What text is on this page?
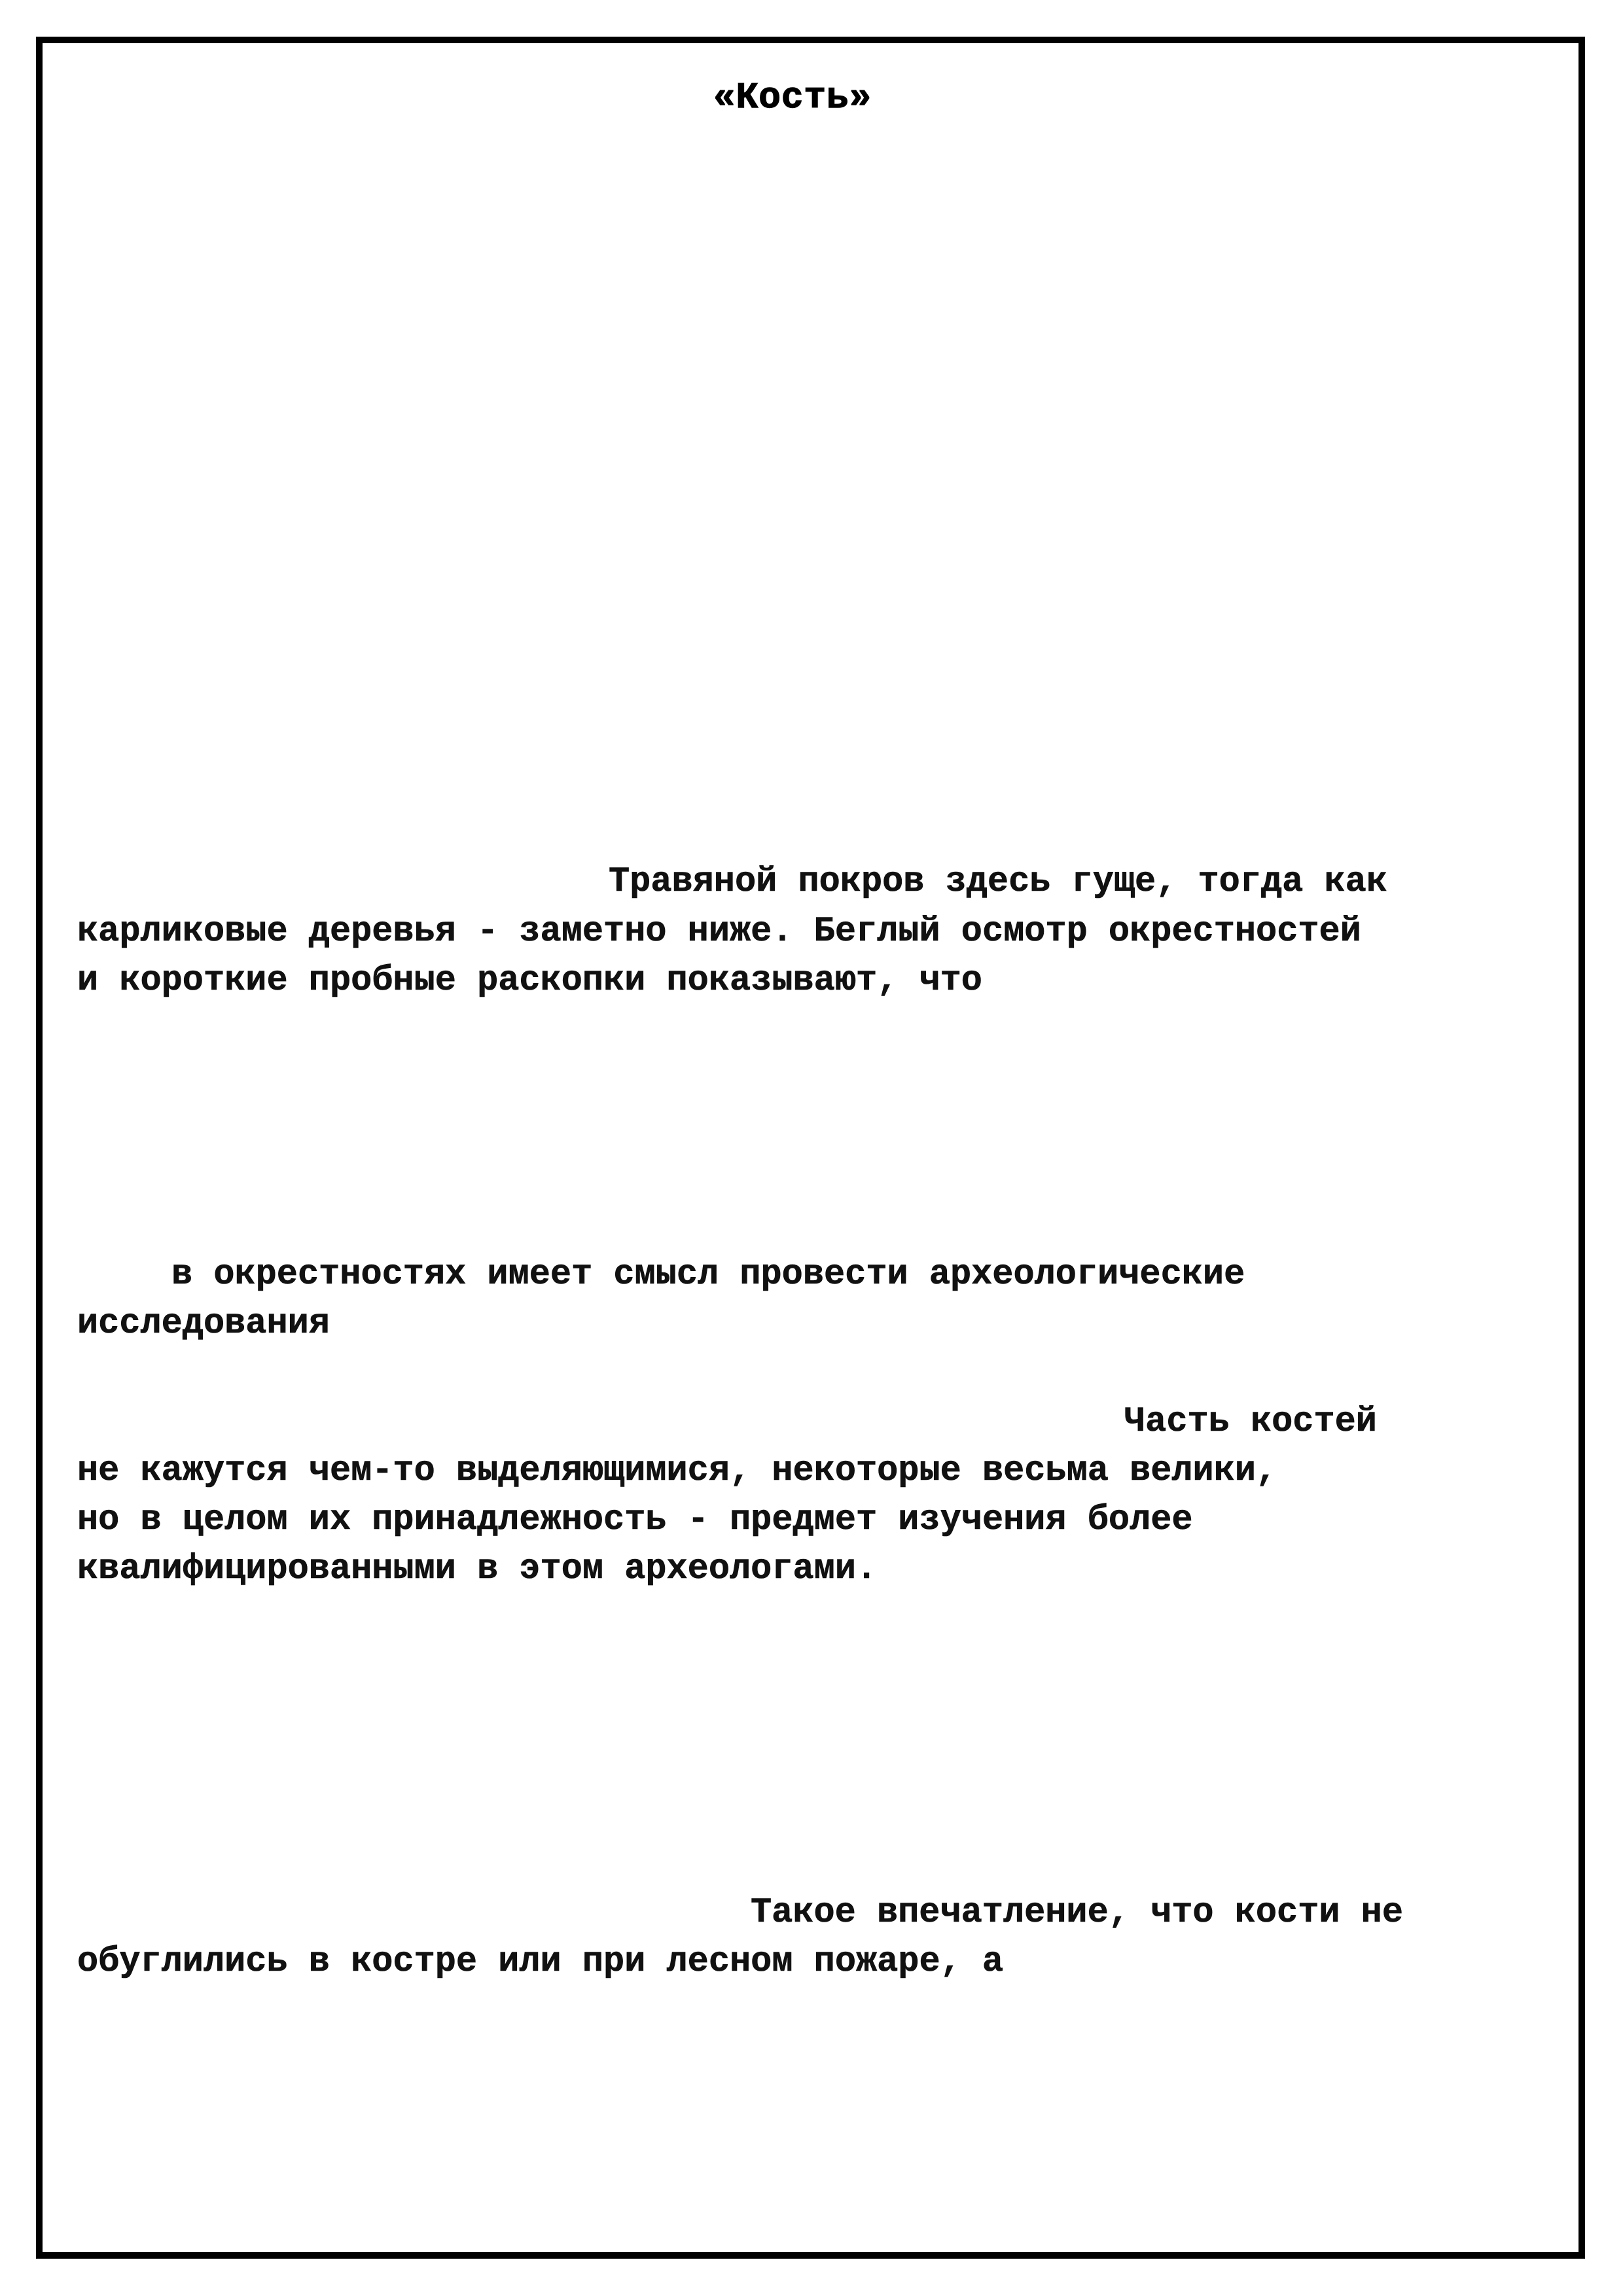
«Кость»

Травяной покров здесь гуще, тогда как

карликовые деревья - заметно ниже. Беглый осмотр окрестностей

и короткие пробные раскопки показывают, что

в окрестностях имеет смысл провести археологические

исследования

Часть костей

не кажутся чем-то выделяющимися, некоторые весьма велики,

но в целом их принадлежность - предмет изучения более

квалифицированными в этом археологами.

Такое впечатление, что кости не

обуглились в костре или при лесном пожаре, а
